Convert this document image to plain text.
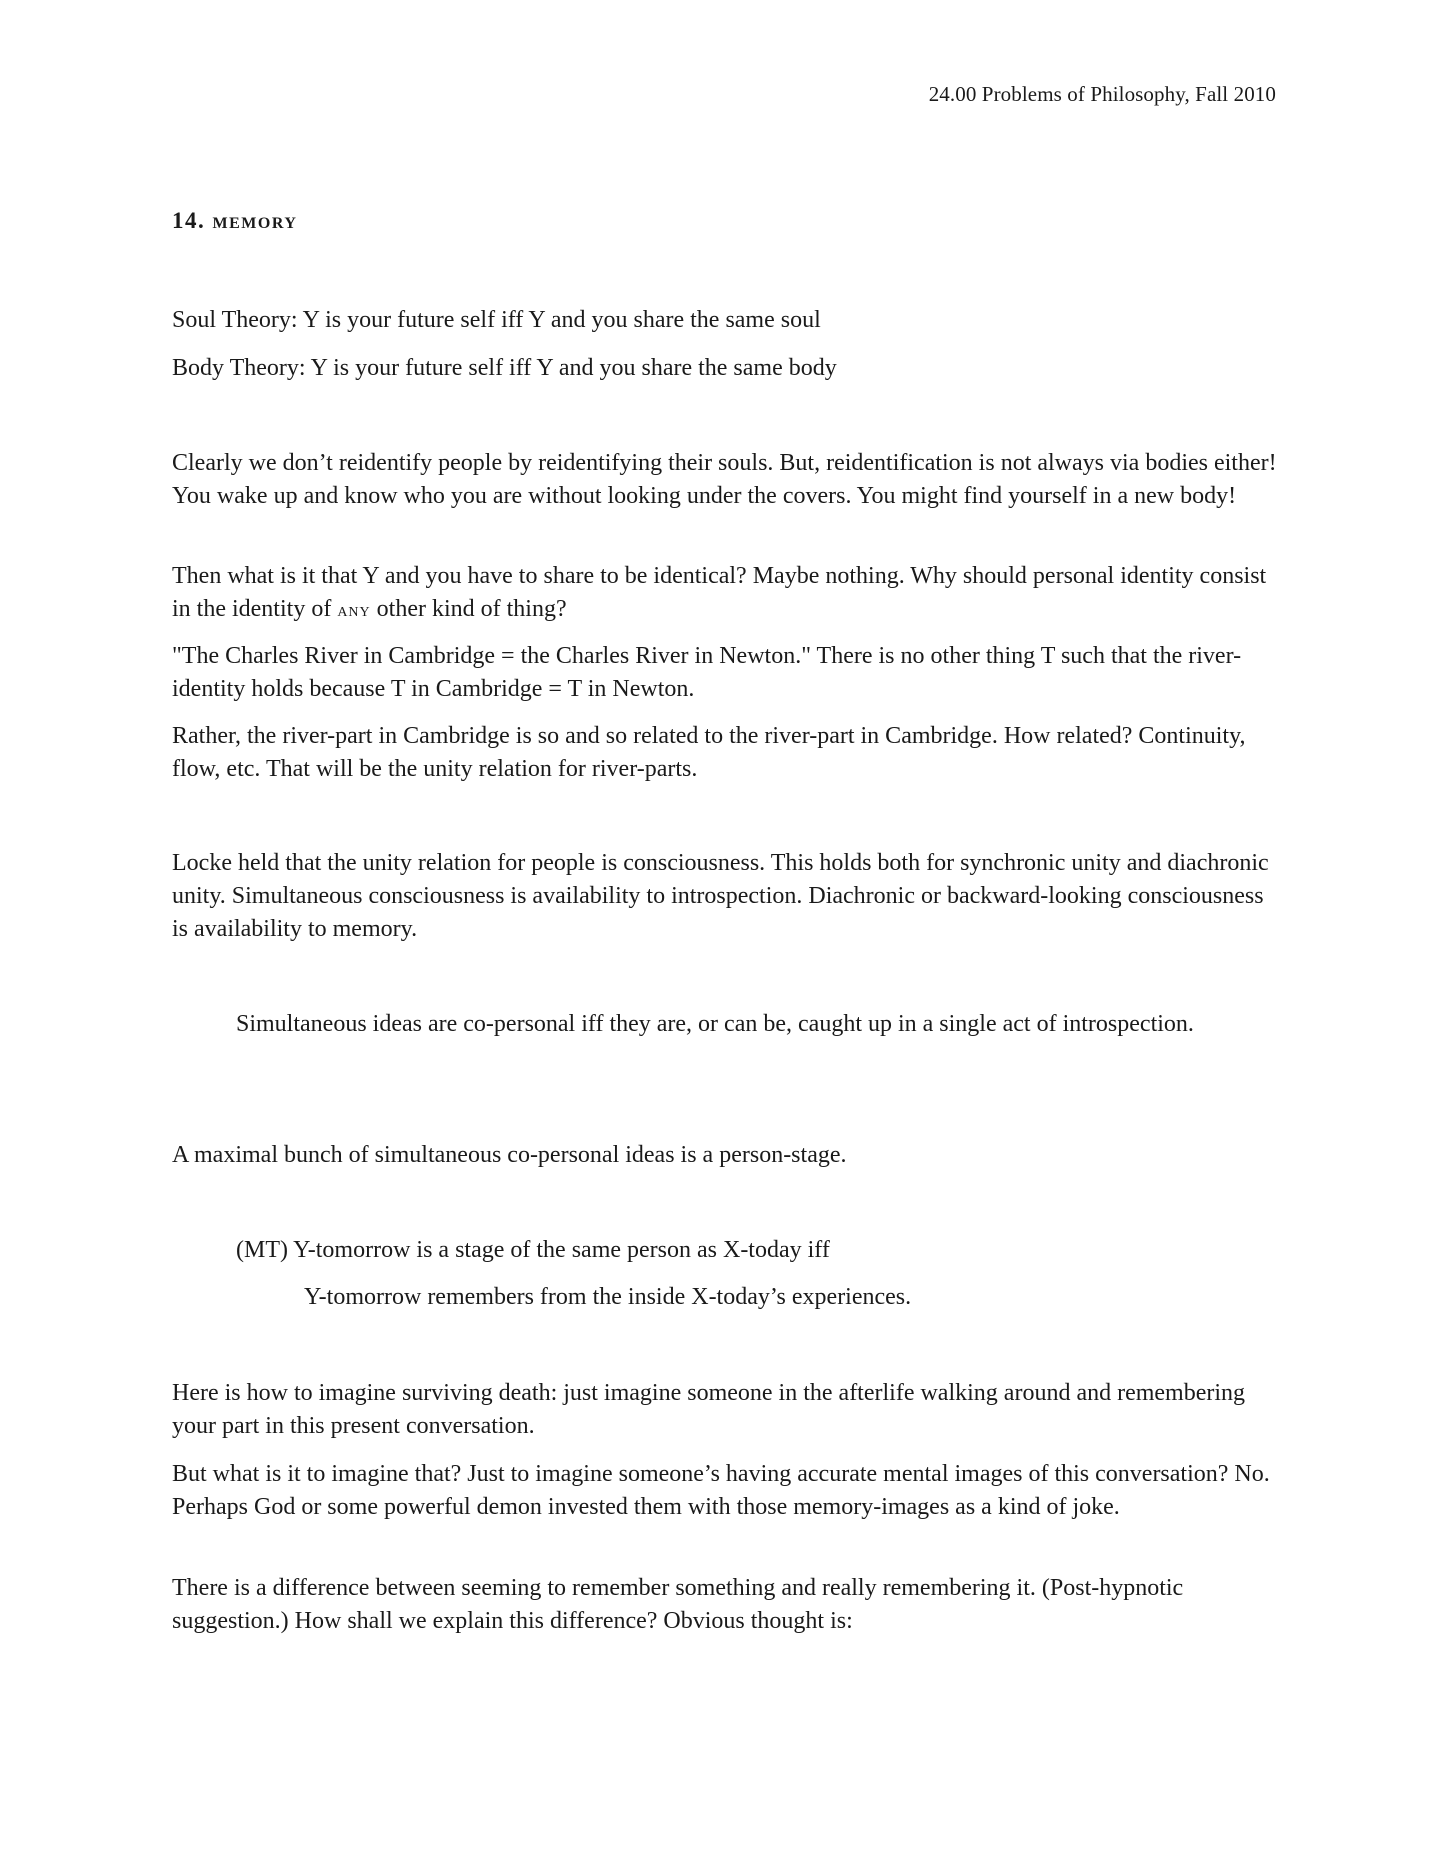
24.00 Problems of Philosophy, Fall 2010
14. memory

Soul Theory: Y is your future self iff Y and you share the same soul

Body Theory: Y is your future self iff Y and you share the same body

Clearly we don’t reidentify people by reidentifying their souls. But, reidentification is not always via bodies either! You wake up and know who you are without looking under the covers. You might find yourself in a new body!

Then what is it that Y and you have to share to be identical? Maybe nothing. Why should personal identity consist in the identity of any other kind of thing?

"The Charles River in Cambridge = the Charles River in Newton." There is no other thing T such that the river-identity holds because T in Cambridge = T in Newton.

Rather, the river-part in Cambridge is so and so related to the river-part in Cambridge. How related? Continuity, flow, etc. That will be the unity relation for river-parts.

Locke held that the unity relation for people is consciousness. This holds both for synchronic unity and diachronic unity. Simultaneous consciousness is availability to introspection. Diachronic or backward-looking consciousness is availability to memory.

Simultaneous ideas are co-personal iff they are, or can be, caught up in a single act of introspection.

A maximal bunch of simultaneous co-personal ideas is a person-stage.

(MT) Y-tomorrow is a stage of the same person as X-today iff

Y-tomorrow remembers from the inside X-today’s experiences.

Here is how to imagine surviving death: just imagine someone in the afterlife walking around and remembering your part in this present conversation.

But what is it to imagine that? Just to imagine someone’s having accurate mental images of this conversation? No. Perhaps God or some powerful demon invested them with those memory-images as a kind of joke.

There is a difference between seeming to remember something and really remembering it. (Post-hypnotic suggestion.) How shall we explain this difference? Obvious thought is:
